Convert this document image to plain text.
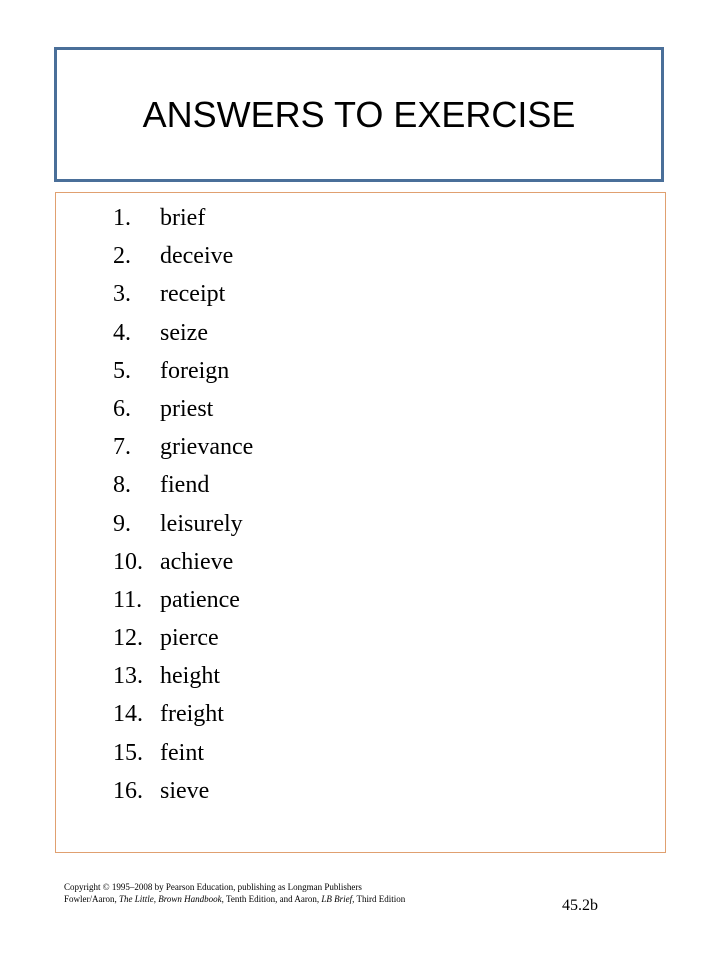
ANSWERS TO EXERCISE
1.	brief
2.	deceive
3.	receipt
4.	seize
5.	foreign
6.	priest
7.	grievance
8.	fiend
9.	leisurely
10. achieve
11. patience
12. pierce
13. height
14. freight
15. feint
16. sieve
Copyright © 1995–2008 by Pearson Education, publishing as Longman Publishers
Fowler/Aaron, The Little, Brown Handbook, Tenth Edition, and Aaron, LB Brief, Third Edition	45.2b
